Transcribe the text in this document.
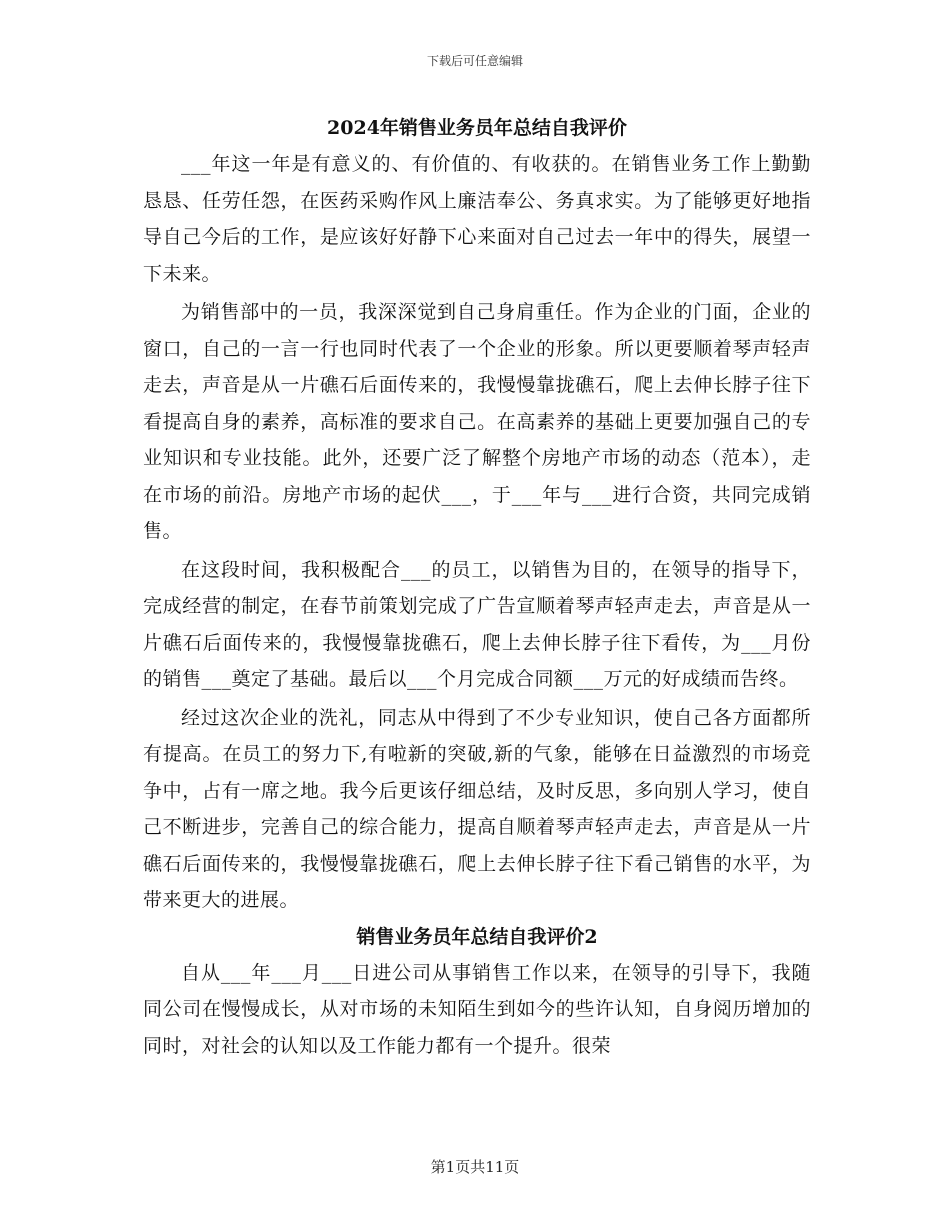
下载后可任意编辑
2024年销售业务员年总结自我评价

___年这一年是有意义的、有价值的、有收获的。在销售业务工作上勤勤恳恳、任劳任怨，在医药采购作风上廉洁奉公、务真求实。为了能够更好地指导自己今后的工作，是应该好好静下心来面对自己过去一年中的得失，展望一下未来。

为销售部中的一员，我深深觉到自己身肩重任。作为企业的门面，企业的窗口，自己的一言一行也同时代表了一个企业的形象。所以更要顺着琴声轻声走去，声音是从一片礁石后面传来的，我慢慢靠拢礁石，爬上去伸长脖子往下看提高自身的素养，高标准的要求自己。在高素养的基础上更要加强自己的专业知识和专业技能。此外，还要广泛了解整个房地产市场的动态（范本），走在市场的前沿。房地产市场的起伏___，于___年与___进行合资，共同完成销售。

在这段时间，我积极配合___的员工，以销售为目的，在领导的指导下，完成经营的制定，在春节前策划完成了广告宣顺着琴声轻声走去，声音是从一片礁石后面传来的，我慢慢靠拢礁石，爬上去伸长脖子往下看传，为___月份的销售___奠定了基础。最后以___个月完成合同额___万元的好成绩而告终。

经过这次企业的洗礼，同志从中得到了不少专业知识，使自己各方面都所有提高。在员工的努力下,有啦新的突破,新的气象，能够在日益激烈的市场竞争中，占有一席之地。我今后更该仔细总结，及时反思，多向别人学习，使自己不断进步，完善自己的综合能力，提高自顺着琴声轻声走去，声音是从一片礁石后面传来的，我慢慢靠拢礁石，爬上去伸长脖子往下看己销售的水平，为带来更大的进展。

销售业务员年总结自我评价2

自从___年___月___日进公司从事销售工作以来，在领导的引导下，我随同公司在慢慢成长，从对市场的未知陌生到如今的些许认知，自身阅历增加的同时，对社会的认知以及工作能力都有一个提升。很荣

第1页共11页
